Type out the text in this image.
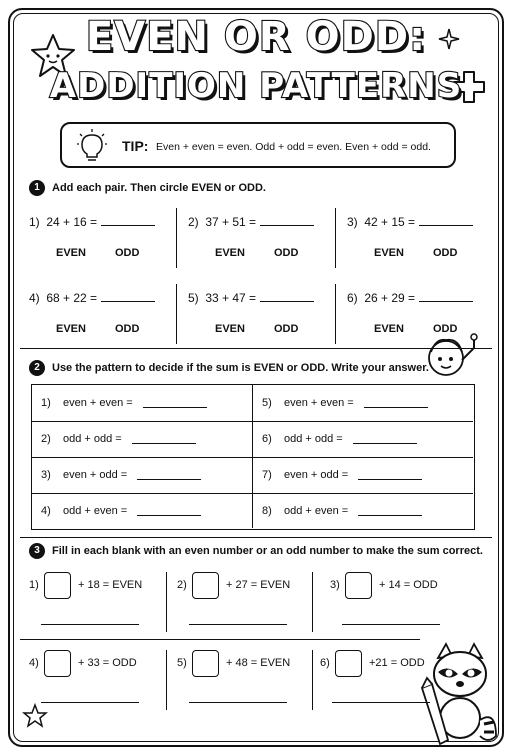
EVEN OR ODD:
ADDITION PATTERNS
TIP: Even + even = even. Odd + odd = even. Even + odd = odd.
1	Add each pair. Then circle EVEN or ODD.
1) 24 + 16 =
EVEN	ODD
2) 37 + 51 =
EVEN	ODD
3) 42 + 15 =
EVEN	ODD
4) 68 + 22 =
EVEN	ODD
5) 33 + 47 =
EVEN	ODD
6) 26 + 29 =
EVEN	ODD
2	Use the pattern to decide if the sum is EVEN or ODD. Write your answer.
1) even + even =	5) even + even =
2) odd + odd =	6) odd + odd =
3) even + odd =	7) even + odd =
4) odd + even =	8) odd + even =
3	Fill in each blank with an even number or an odd number to make the sum correct.
1)	+ 18 = EVEN	2)	+ 27 = EVEN	3)	+ 14 = ODD
4)	+ 33 = ODD	5)	+ 48 = EVEN	6)	+21 = ODD
